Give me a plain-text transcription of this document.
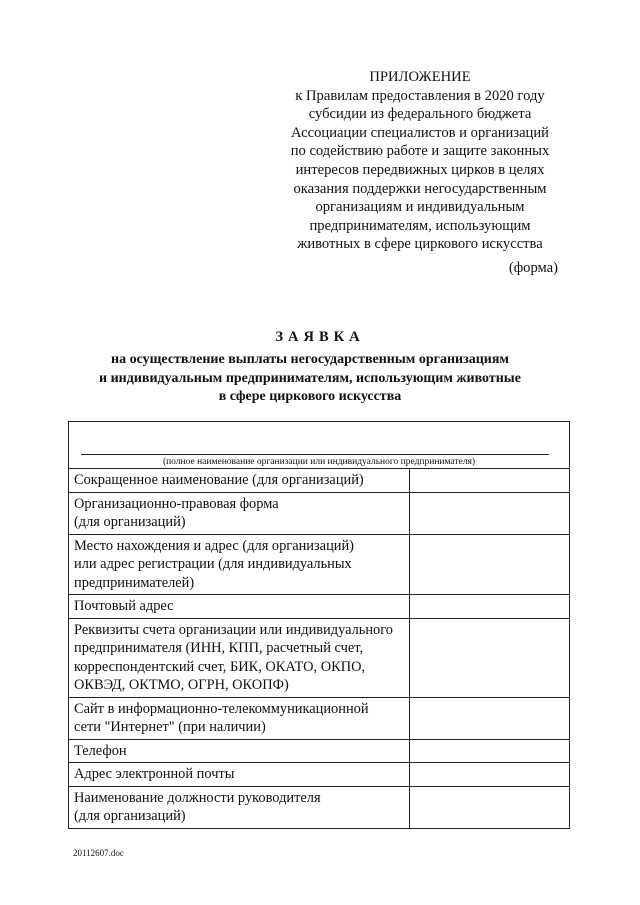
ПРИЛОЖЕНИЕ
к Правилам предоставления в 2020 году
субсидии из федерального бюджета
Ассоциации специалистов и организаций
по содействию работе и защите законных
интересов передвижных цирков в целях
оказания поддержки негосударственным
организациям и индивидуальным
предпринимателям, использующим
животных в сфере циркового искусства
(форма)
ЗАЯВКА
на осуществление выплаты негосударственным организациям
и индивидуальным предпринимателям, использующим животные
в сфере циркового искусства
(полное наименование организации или индивидуального предпринимателя)	

Сокращенное наименование (для организаций)	

Организационно-правовая форма
(для организаций)	

Место нахождения и адрес (для организаций)
или адрес регистрации (для индивидуальных
предпринимателей)	

Почтовый адрес	

Реквизиты счета организации или индивидуального
предпринимателя (ИНН, КПП, расчетный счет,
корреспондентский счет, БИК, ОКАТО, ОКПО,
ОКВЭД, ОКТМО, ОГРН, ОКОПФ)	

Сайт в информационно-телекоммуникационной
сети "Интернет" (при наличии)	

Телефон	

Адрес электронной почты	

Наименование должности руководителя
(для организаций)	

20112607.doc
